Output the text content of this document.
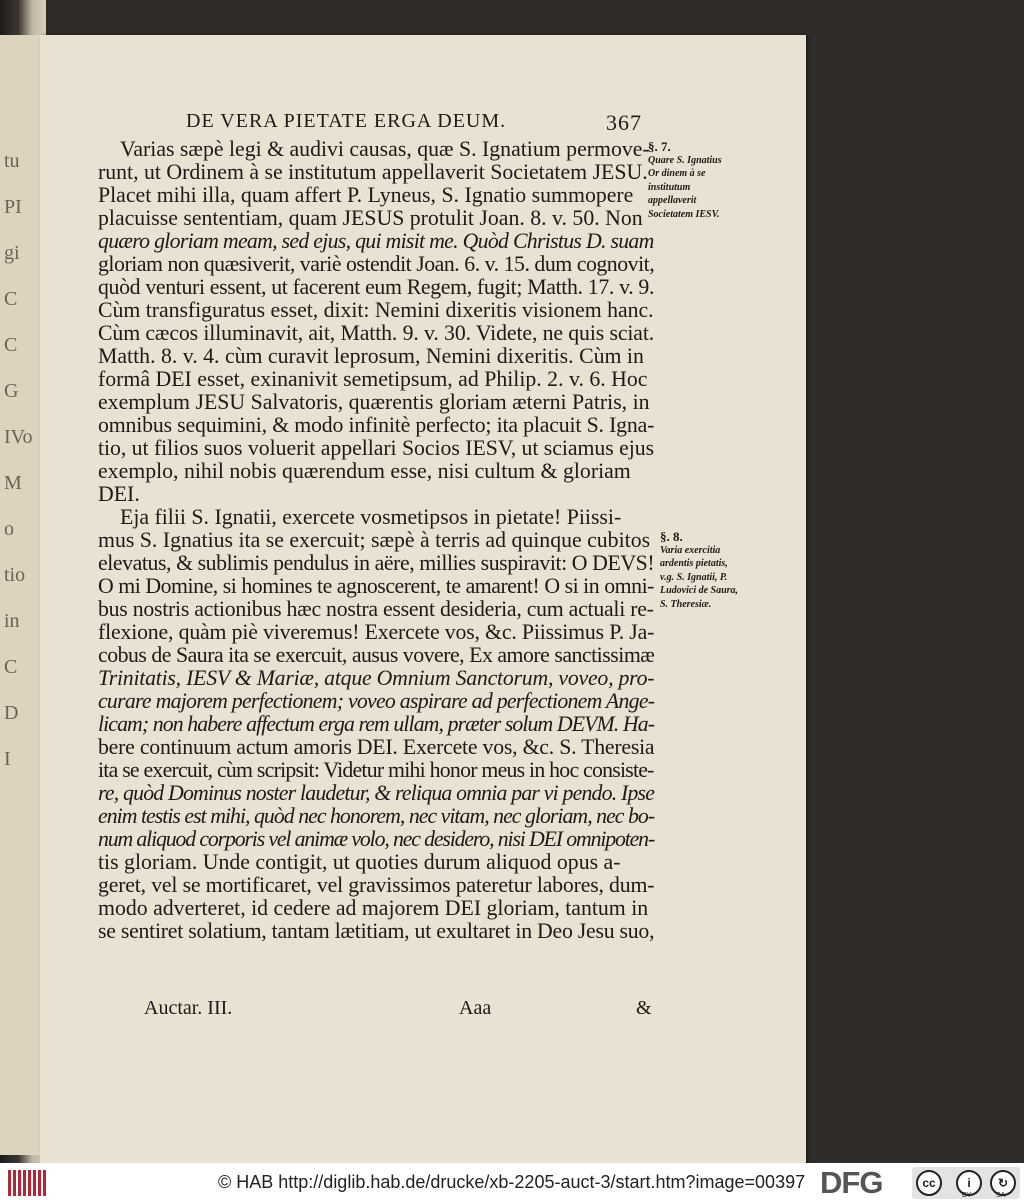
tu
PI
gi
C
C
G
IVo
M
o
tio
in
C
D
I
DE VERA PIETATE ERGA DEUM.	367
Varias sæpè legi & audivi causas, quæ S. Ignatium permove-
runt, ut Ordinem à se institutum appellaverit Societatem JESU.
Placet mihi illa, quam affert P. Lyneus, S. Ignatio summopere
placuisse sententiam, quam JESUS protulit Joan. 8. v. 50. Non
quæro gloriam meam, sed ejus, qui misit me. Quòd Christus D. suam
gloriam non quæsiverit, variè ostendit Joan. 6. v. 15. dum cognovit,
quòd venturi essent, ut facerent eum Regem, fugit; Matth. 17. v. 9.
Cùm transfiguratus esset, dixit: Nemini dixeritis visionem hanc.
Cùm cæcos illuminavit, ait, Matth. 9. v. 30. Videte, ne quis sciat.
Matth. 8. v. 4. cùm curavit leprosum, Nemini dixeritis. Cùm in
formâ DEI esset, exinanivit semetipsum, ad Philip. 2. v. 6. Hoc
exemplum JESU Salvatoris, quærentis gloriam æterni Patris, in
omnibus sequimini, & modo infinitè perfecto; ita placuit S. Igna-
tio, ut filios suos voluerit appellari Socios IESV, ut sciamus ejus
exemplo, nihil nobis quærendum esse, nisi cultum & gloriam
DEI.
Eja filii S. Ignatii, exercete vosmetipsos in pietate! Piissi-
mus S. Ignatius ita se exercuit; sæpè à terris ad quinque cubitos
elevatus, & sublimis pendulus in aëre, millies suspiravit: O DEVS!
O mi Domine, si homines te agnoscerent, te amarent! O si in omni-
bus nostris actionibus hæc nostra essent desideria, cum actuali re-
flexione, quàm piè viveremus! Exercete vos, &c. Piissimus P. Ja-
cobus de Saura ita se exercuit, ausus vovere, Ex amore sanctissimæ
Trinitatis, IESV & Mariæ, atque Omnium Sanctorum, voveo, pro-
curare majorem perfectionem; voveo aspirare ad perfectionem Ange-
licam; non habere affectum erga rem ullam, præter solum DEVM. Ha-
bere continuum actum amoris DEI. Exercete vos, &c. S. Theresia
ita se exercuit, cùm scripsit: Videtur mihi honor meus in hoc consiste-
re, quòd Dominus noster laudetur, & reliqua omnia par vi pendo. Ipse
enim testis est mihi, quòd nec honorem, nec vitam, nec gloriam, nec bo-
num aliquod corporis vel animæ volo, nec desidero, nisi DEI omnipoten-
tis gloriam. Unde contigit, ut quoties durum aliquod opus a-
geret, vel se mortificaret, vel gravissimos pateretur labores, dum-
modo adverteret, id cedere ad majorem DEI gloriam, tantum in
se sentiret solatium, tantam lætitiam, ut exultaret in Deo Jesu suo,
§. 7.
Quare S. Ignatius Or dinem à se institutum appellaverit Societatem IESV.
§. 8.
Varia exercitia ardentis pietatis, v.g. S. Ignatii, P. Ludovici de Saura, S. Theresiæ.
Auctar. III.	Aaa	&
© HAB http://diglib.hab.de/drucke/xb-2205-auct-3/start.htm?image=00397 DFG	cc	i	↻
BY	SA
